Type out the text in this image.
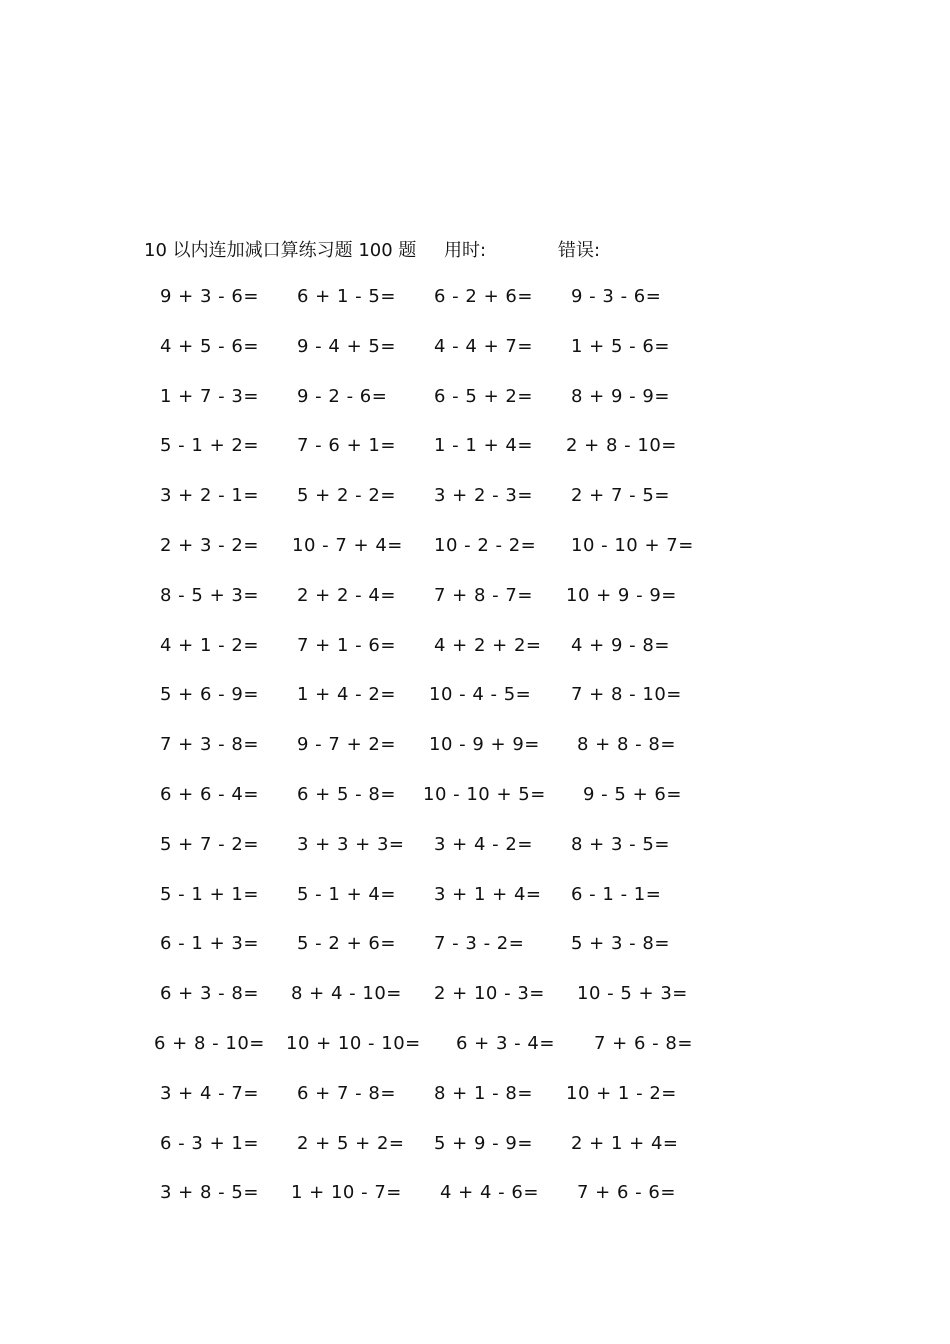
10 以内连加减口算练习题 100 题 用时:	错误:
9 + 3 - 6= 6 + 1 - 5= 6 - 2 + 6= 9 - 3 - 6=
4 + 5 - 6= 9 - 4 + 5= 4 - 4 + 7= 1 + 5 - 6=
1 + 7 - 3= 9 - 2 - 6=	6 - 5 + 2= 8 + 9 - 9=
5 - 1 + 2= 7 - 6 + 1= 1 - 1 + 4= 2 + 8 - 10=
3 + 2 - 1= 5 + 2 - 2= 3 + 2 - 3= 2 + 7 - 5=
2 + 3 - 2= 10 - 7 + 4= 10 - 2 - 2= 10 - 10 + 7=
8 - 5 + 3= 2 + 2 - 4= 7 + 8 - 7= 10 + 9 - 9=
4 + 1 - 2= 7 + 1 - 6= 4 + 2 + 2= 4 + 9 - 8=
5 + 6 - 9= 1 + 4 - 2= 10 - 4 - 5= 7 + 8 - 10=
7 + 3 - 8= 9 - 7 + 2= 10 - 9 + 9= 8 + 8 - 8=
6 + 6 - 4= 6 + 5 - 8= 10 - 10 + 5= 9 - 5 + 6=
5 + 7 - 2= 3 + 3 + 3= 3 + 4 - 2= 8 + 3 - 5=
5 - 1 + 1= 5 - 1 + 4= 3 + 1 + 4= 6 - 1 - 1=
6 - 1 + 3= 5 - 2 + 6= 7 - 3 - 2=	5 + 3 - 8=
6 + 3 - 8= 8 + 4 - 10= 2 + 10 - 3= 10 - 5 + 3=
6 + 8 - 10= 10 + 10 - 10= 6 + 3 - 4= 7 + 6 - 8=
3 + 4 - 7= 6 + 7 - 8= 8 + 1 - 8= 10 + 1 - 2=
6 - 3 + 1= 2 + 5 + 2= 5 + 9 - 9= 2 + 1 + 4=
3 + 8 - 5= 1 + 10 - 7= 4 + 4 - 6= 7 + 6 - 6=
